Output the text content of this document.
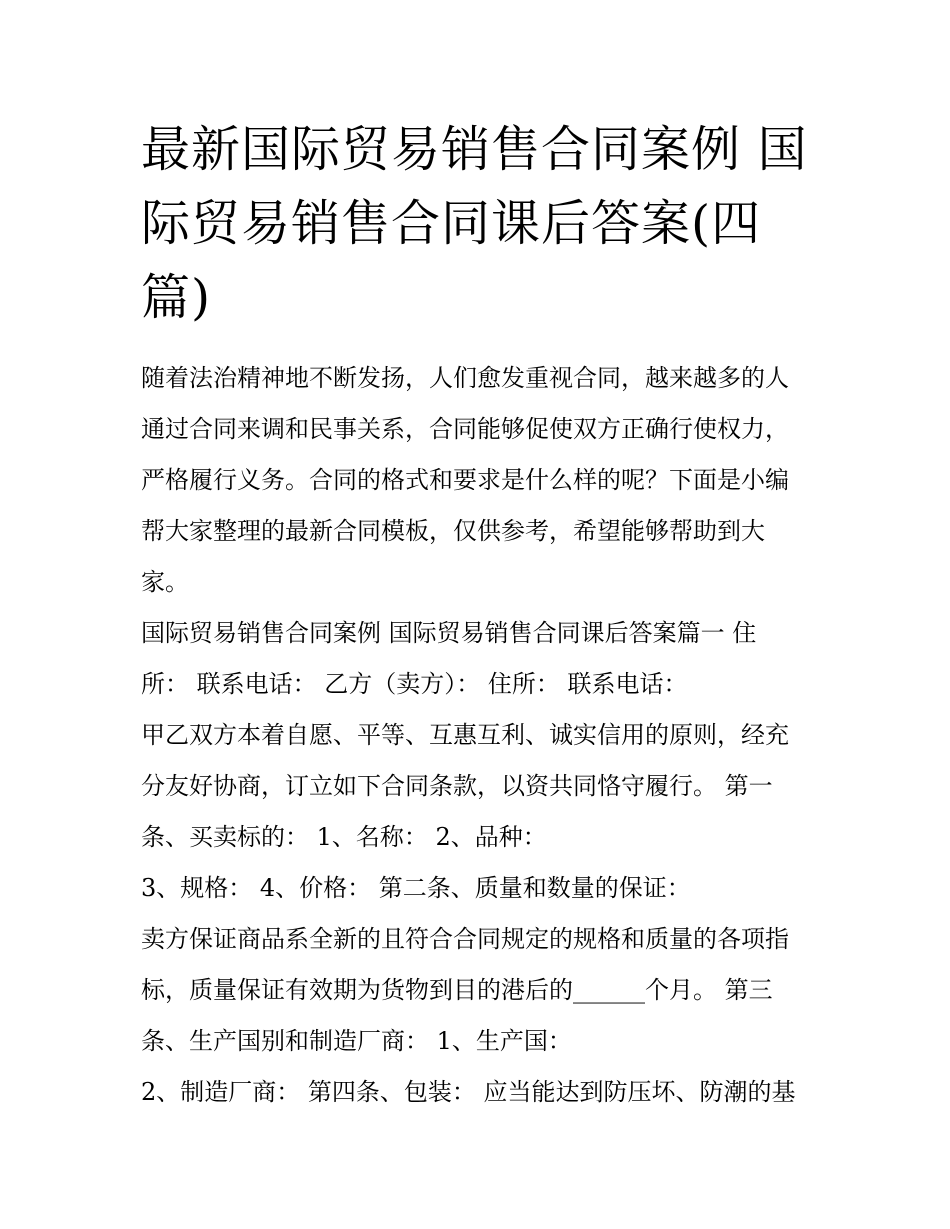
最新国际贸易销售合同案例 国
际贸易销售合同课后答案(四
篇)

随着法治精神地不断发扬，人们愈发重视合同，越来越多的人

通过合同来调和民事关系，合同能够促使双方正确行使权力，

严格履行义务。合同的格式和要求是什么样的呢？下面是小编

帮大家整理的最新合同模板，仅供参考，希望能够帮助到大

家。

国际贸易销售合同案例 国际贸易销售合同课后答案篇一 住

所： 联系电话： 乙方（卖方）： 住所： 联系电话：

甲乙双方本着自愿、平等、互惠互利、诚实信用的原则，经充

分友好协商，订立如下合同条款，以资共同恪守履行。 第一

条、买卖标的： 1、名称： 2、品种：

3、规格： 4、价格： 第二条、质量和数量的保证：

卖方保证商品系全新的且符合合同规定的规格和质量的各项指

标，质量保证有效期为货物到目的港后的______个月。 第三

条、生产国别和制造厂商： 1、生产国：

2、制造厂商： 第四条、包装： 应当能达到防压坏、防潮的基
